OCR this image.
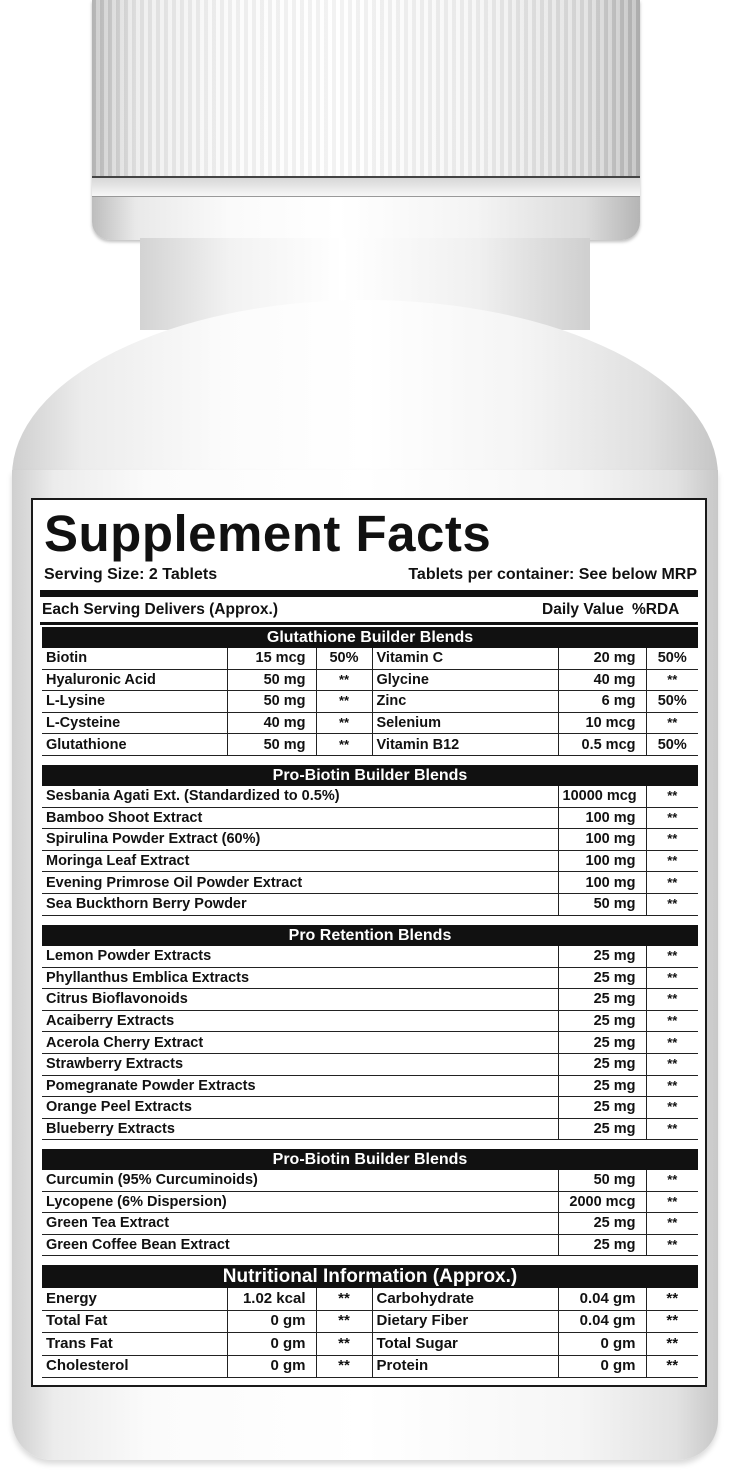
Supplement Facts
Serving Size: 2 Tablets	Tablets per container: See below MRP
Each Serving Delivers (Approx.)	Daily Value %RDA
Glutathione Builder Blends
Biotin	15 mcg	50%	Vitamin C	20 mg	50%
Hyaluronic Acid	50 mg	**	Glycine	40 mg	**
L-Lysine	50 mg	**	Zinc	6 mg	50%
L-Cysteine	40 mg	**	Selenium	10 mcg	**
Glutathione	50 mg	**	Vitamin B12	0.5 mcg	50%
Pro-Biotin Builder Blends
Sesbania Agati Ext. (Standardized to 0.5%)	10000 mcg	**
Bamboo Shoot Extract	100 mg	**
Spirulina Powder Extract (60%)	100 mg	**
Moringa Leaf Extract	100 mg	**
Evening Primrose Oil Powder Extract	100 mg	**
Sea Buckthorn Berry Powder	50 mg	**
Pro Retention Blends
Lemon Powder Extracts	25 mg	**
Phyllanthus Emblica Extracts	25 mg	**
Citrus Bioflavonoids	25 mg	**
Acaiberry Extracts	25 mg	**
Acerola Cherry Extract	25 mg	**
Strawberry Extracts	25 mg	**
Pomegranate Powder Extracts	25 mg	**
Orange Peel Extracts	25 mg	**
Blueberry Extracts	25 mg	**
Pro-Biotin Builder Blends
Curcumin (95% Curcuminoids)	50 mg	**
Lycopene (6% Dispersion)	2000 mcg	**
Green Tea Extract	25 mg	**
Green Coffee Bean Extract	25 mg	**
Nutritional Information (Approx.)
Energy	1.02 kcal	**	Carbohydrate	0.04 gm	**
Total Fat	0 gm	**	Dietary Fiber	0.04 gm	**
Trans Fat	0 gm	**	Total Sugar	0 gm	**
Cholesterol	0 gm	**	Protein	0 gm	**
